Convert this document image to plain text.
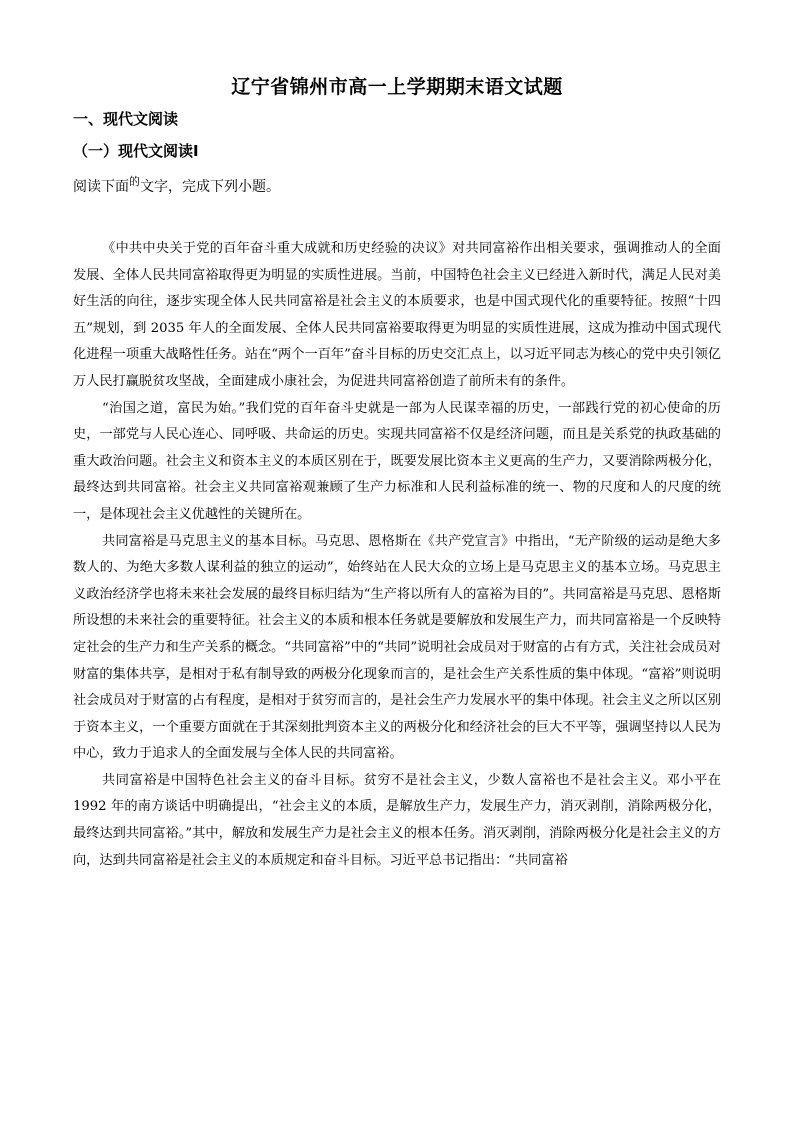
辽宁省锦州市高一上学期期末语文试题
一、现代文阅读
（一）现代文阅读Ⅰ
阅读下面$^的$文字，完成下列小题。

《中共中央关于党的百年奋斗重大成就和历史经验的决议》对共同富裕作出相关要求，强调推动人的全面发展、全体人民共同富裕取得更为明显的实质性进展。当前，中国特色社会主义已经进入新时代，满足人民对美好生活的向往，逐步实现全体人民共同富裕是社会主义的本质要求，也是中国式现代化的重要特征。按照“十四五”规划，到 2035 年人的全面发展、全体人民共同富裕要取得更为明显的实质性进展，这成为推动中国式现代化进程一项重大战略性任务。站在“两个一百年”奋斗目标的历史交汇点上，以习近平同志为核心的党中央引领亿万人民打赢脱贫攻坚战，全面建成小康社会，为促进共同富裕创造了前所未有的条件。

“治国之道，富民为始。”我们党的百年奋斗史就是一部为人民谋幸福的历史，一部践行党的初心使命的历史，一部党与人民心连心、同呼吸、共命运的历史。实现共同富裕不仅是经济问题，而且是关系党的执政基础的重大政治问题。社会主义和资本主义的本质区别在于，既要发展比资本主义更高的生产力，又要消除两极分化，最终达到共同富裕。社会主义共同富裕观兼顾了生产力标准和人民利益标准的统一、物的尺度和人的尺度的统一，是体现社会主义优越性的关键所在。

共同富裕是马克思主义的基本目标。马克思、恩格斯在《共产党宣言》中指出，“无产阶级的运动是绝大多数人的、为绝大多数人谋利益的独立的运动”，始终站在人民大众的立场上是马克思主义的基本立场。马克思主义政治经济学也将未来社会发展的最终目标归结为“生产将以所有人的富裕为目的”。共同富裕是马克思、恩格斯所设想的未来社会的重要特征。社会主义的本质和根本任务就是要解放和发展生产力，而共同富裕是一个反映特定社会的生产力和生产关系的概念。“共同富裕”中的“共同”说明社会成员对于财富的占有方式，关注社会成员对财富的集体共享，是相对于私有制导致的两极分化现象而言的，是社会生产关系性质的集中体现。“富裕”则说明社会成员对于财富的占有程度，是相对于贫穷而言的，是社会生产力发展水平的集中体现。社会主义之所以区别于资本主义，一个重要方面就在于其深刻批判资本主义的两极分化和经济社会的巨大不平等，强调坚持以人民为中心，致力于追求人的全面发展与全体人民的共同富裕。

共同富裕是中国特色社会主义的奋斗目标。贫穷不是社会主义，少数人富裕也不是社会主义。邓小平在 1992 年的南方谈话中明确提出，“社会主义的本质，是解放生产力，发展生产力，消灭剥削，消除两极分化，最终达到共同富裕。”其中，解放和发展生产力是社会主义的根本任务。消灭剥削，消除两极分化是社会主义的方向，达到共同富裕是社会主义的本质规定和奋斗目标。习近平总书记指出：“共同富裕
